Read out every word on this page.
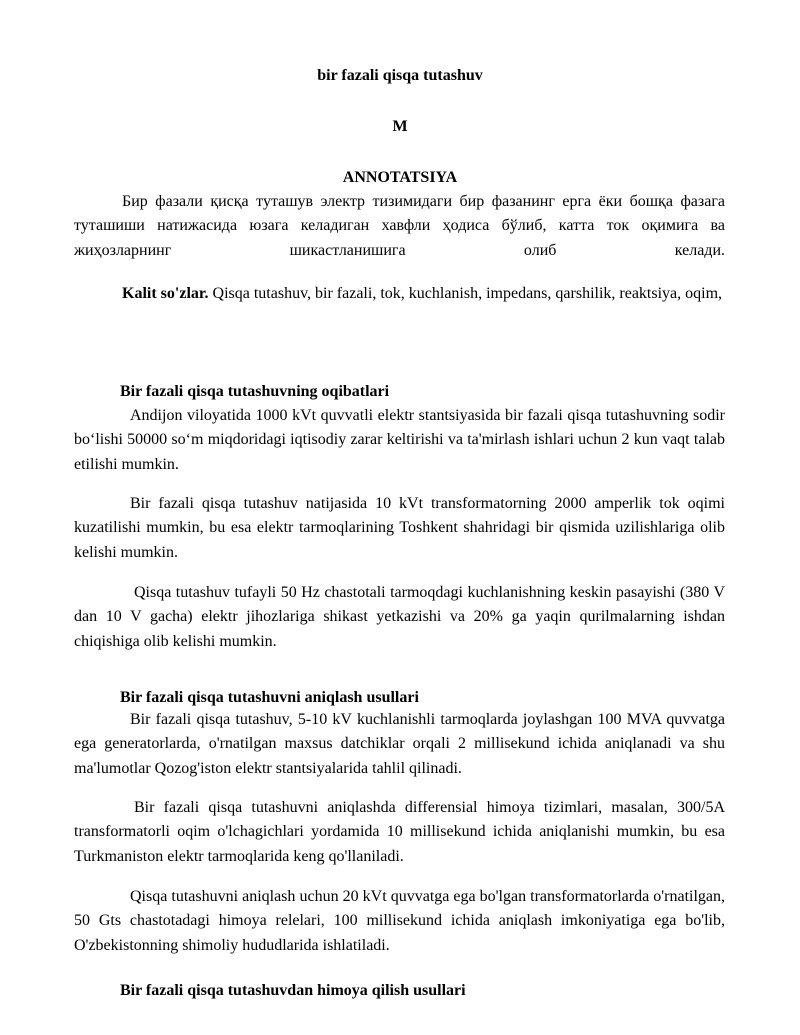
bir fazali qisqa tutashuv

M

ANNOTATSIYA

Бир фазали қисқа туташув электр тизимидаги бир фазанинг ерга ёки бошқа фазага туташиши натижасида юзага келадиган хавфли ҳодиса бўлиб, катта ток оқимига ва жиҳозларнинг шикастланишига олиб келади.

Kalit so'zlar. Qisqa tutashuv, bir fazali, tok, kuchlanish, impedans, qarshilik, reaktsiya, oqim,

Bir fazali qisqa tutashuvning oqibatlari

Andijon viloyatida 1000 kVt quvvatli elektr stantsiyasida bir fazali qisqa tutashuvning sodir bo‘lishi 50000 so‘m miqdoridagi iqtisodiy zarar keltirishi va ta'mirlash ishlari uchun 2 kun vaqt talab etilishi mumkin.

Bir fazali qisqa tutashuv natijasida 10 kVt transformatorning 2000 amperlik tok oqimi kuzatilishi mumkin, bu esa elektr tarmoqlarining Toshkent shahridagi bir qismida uzilishlariga olib kelishi mumkin.

Qisqa tutashuv tufayli 50 Hz chastotali tarmoqdagi kuchlanishning keskin pasayishi (380 V dan 10 V gacha) elektr jihozlariga shikast yetkazishi va 20% ga yaqin qurilmalarning ishdan chiqishiga olib kelishi mumkin.

Bir fazali qisqa tutashuvni aniqlash usullari

Bir fazali qisqa tutashuv, 5-10 kV kuchlanishli tarmoqlarda joylashgan 100 MVA quvvatga ega generatorlarda, o'rnatilgan maxsus datchiklar orqali 2 millisekund ichida aniqlanadi va shu ma'lumotlar Qozog'iston elektr stantsiyalarida tahlil qilinadi.

Bir fazali qisqa tutashuvni aniqlashda differensial himoya tizimlari, masalan, 300/5A transformatorli oqim o'lchagichlari yordamida 10 millisekund ichida aniqlanishi mumkin, bu esa Turkmaniston elektr tarmoqlarida keng qo'llaniladi.

Qisqa tutashuvni aniqlash uchun 20 kVt quvvatga ega bo'lgan transformatorlarda o'rnatilgan, 50 Gts chastotadagi himoya relelari, 100 millisekund ichida aniqlash imkoniyatiga ega bo'lib, O'zbekistonning shimoliy hududlarida ishlatiladi.

Bir fazali qisqa tutashuvdan himoya qilish usullari
